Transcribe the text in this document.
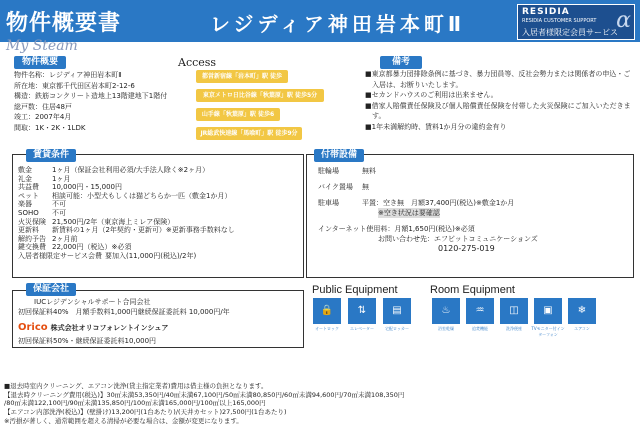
物件概要書	レジディア神田岩本町Ⅱ	RESIDIA
RESIDIA CUSTOMER SUPPORT
入居者様限定会員サービス
α
My Steam
物件概要
物件名称：レジディア神田岩本町Ⅱ
所在地：東京都千代田区岩本町2-12-6
構造：鉄筋コンクリート造地上13階建地下1階付
総戸数：住居48戸
竣工：2007年4月
間取：1K・2K・1LDK
Access
都営新宿線「岩本町」駅 徒歩
東京メトロ日比谷線「秋葉原」駅 徒歩5分
山手線「秋葉原」駅 徒歩6
JR総武快速線「馬喰町」駅 徒歩9分
備考
■東京都暴力団排除条例に基づき、暴力団員等、反社会勢力または関係者の申込・ご入居は、お断りいたします。
■セカンドハウスのご利用は出来ません。
■借家人賠償責任保険及び個人賠償責任保険を付帯した火災保険にご加入いただきます。
■1年未満解約時、賃料1か月分の違約金有り
賃貸条件
敷金	1ヶ月（保証会社利用必須/大手法人除く※2ヶ月）
礼金	1ヶ月
共益費	10,000円・15,000円
ペット	相談可能：小型犬もしくは猫どちらか一匹（敷金1か月）
楽器	不可
SOHO	不可
火災保険 21,500円/2年（東京海上ミレア保険）
更新料	新賃料の1ヶ月（2年契約・更新可）※更新事務手数料なし
解約予告 2ヶ月前
鍵交換費 22,000円（税込）※必須
入居者様限定サービス会費 要加入(11,000円(税込)/2年)
付帯設備
駐輪場	無料
バイク置場	無
駐車場	平置：空き無　月額37,400円(税込)※敷金1か月
※空き状況は要確認
インターネット使用料：月額1,650円(税込)※必須
お問い合わせ先：エフビットコミュニケーションズ
0120-275-019
保証会社
IUCレジデンシャルサポート合同会社
初回保証料40%　月額手数料1,000円継続保証委託料 10,000円/年
Orico 株式会社オリコフォレントインシュア
初回保証料50%・継続保証委託料10,000円
Public Equipment
🔒	⇅	▤
オートロック	エレベーター	宅配ロッカー
Room Equipment
♨	♒	◫	▣	❄
浴室乾燥	追焚機能	洗浄便座	TVモニター付インターフォン
エアコン
■退去時室内クリーニング、エアコン洗浄(貸主指定業者)費用は借主様の負担となります。
【退去時クリーニング費用(税込)】30㎡未満53,350円/40㎡未満67,100円/50㎡未満80,850円/60㎡未満94,600円/70㎡未満108,350円
/80㎡未満122,100円/90㎡未満135,850円/100㎡未満165,000円/100㎡以上165,000円
【エアコン内部洗浄(税込)】(壁掛け)13,200円(1台あたり)/(天井カセット)27,500円(1台あたり)
※汚損が著しく、通常範囲を超える清掃が必要な場合は、金額が変更になります。
